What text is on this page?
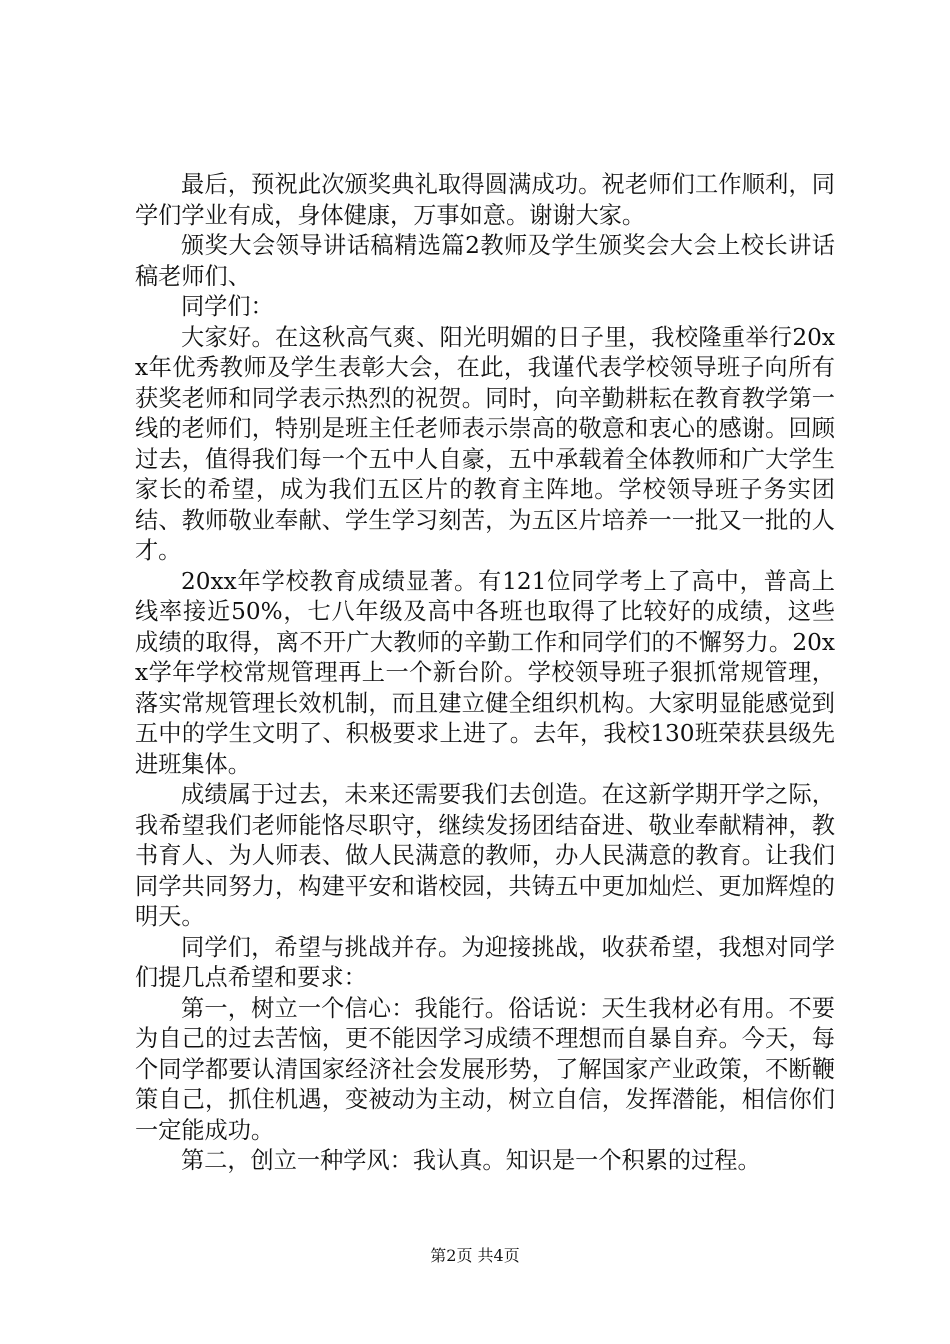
最后，预祝此次颁奖典礼取得圆满成功。祝老师们工作顺利，同学们学业有成，身体健康，万事如意。谢谢大家。

颁奖大会领导讲话稿精选篇2教师及学生颁奖会大会上校长讲话稿老师们、

同学们：

大家好。在这秋高气爽、阳光明媚的日子里，我校隆重举行20xx年优秀教师及学生表彰大会，在此，我谨代表学校领导班子向所有获奖老师和同学表示热烈的祝贺。同时，向辛勤耕耘在教育教学第一线的老师们，特别是班主任老师表示崇高的敬意和衷心的感谢。回顾过去，值得我们每一个五中人自豪，五中承载着全体教师和广大学生家长的希望，成为我们五区片的教育主阵地。学校领导班子务实团结、教师敬业奉献、学生学习刻苦，为五区片培养一一批又一批的人才。

20xx年学校教育成绩显著。有121位同学考上了高中，普高上线率接近50%，七八年级及高中各班也取得了比较好的成绩，这些成绩的取得，离不开广大教师的辛勤工作和同学们的不懈努力。20xx学年学校常规管理再上一个新台阶。学校领导班子狠抓常规管理，落实常规管理长效机制，而且建立健全组织机构。大家明显能感觉到五中的学生文明了、积极要求上进了。去年，我校130班荣获县级先进班集体。

成绩属于过去，未来还需要我们去创造。在这新学期开学之际，我希望我们老师能恪尽职守，继续发扬团结奋进、敬业奉献精神，教书育人、为人师表、做人民满意的教师，办人民满意的教育。让我们同学共同努力，构建平安和谐校园，共铸五中更加灿烂、更加辉煌的明天。

同学们，希望与挑战并存。为迎接挑战，收获希望，我想对同学们提几点希望和要求：

第一，树立一个信心：我能行。俗话说：天生我材必有用。不要为自己的过去苦恼，更不能因学习成绩不理想而自暴自弃。今天，每个同学都要认清国家经济社会发展形势，了解国家产业政策，不断鞭策自己，抓住机遇，变被动为主动，树立自信，发挥潜能，相信你们一定能成功。

第二，创立一种学风：我认真。知识是一个积累的过程。

第2页 共4页
